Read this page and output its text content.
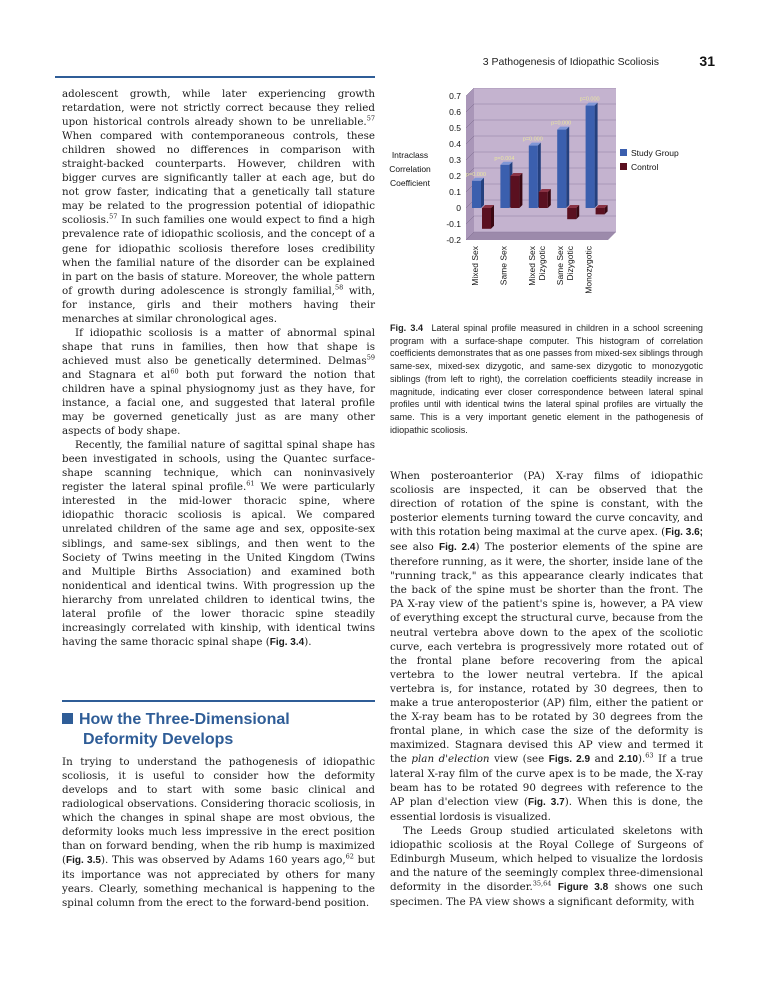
3 Pathogenesis of Idiopathic Scoliosis	31

adolescent growth, while later experiencing growth retardation, were not strictly correct because they relied upon historical controls already shown to be unreliable.$^{57}$ When compared with contemporaneous controls, these children showed no differences in comparison with straight-backed counterparts. However, children with bigger curves are significantly taller at each age, but do not grow faster, indicating that a genetically tall stature may be related to the progression potential of idiopathic scoliosis.$^{57}$ In such families one would expect to find a high prevalence rate of idiopathic scoliosis, and the concept of a gene for idiopathic scoliosis therefore loses credibility when the familial nature of the disorder can be explained in part on the basis of stature. Moreover, the whole pattern of growth during adolescence is strongly familial,$^{58}$ with, for instance, girls and their mothers having their menarches at similar chronological ages.

If idiopathic scoliosis is a matter of abnormal spinal shape that runs in families, then how that shape is achieved must also be genetically determined. Delmas$^{59}$ and Stagnara et $al^{60}$ both put forward the notion that children have a spinal physiognomy just as they have, for instance, a facial one, and suggested that lateral profile may be governed genetically just as are many other aspects of body shape.

Recently, the familial nature of sagittal spinal shape has been investigated in schools, using the Quantec surface-shape scanning technique, which can noninvasively register the lateral spinal profile.$^{61}$ We were particularly interested in the mid-lower thoracic spine, where idiopathic thoracic scoliosis is apical. We compared unrelated children of the same age and sex, opposite-sex siblings, and same-sex siblings, and then went to the Society of Twins meeting in the United Kingdom (Twins and Multiple Births Association) and examined both nonidentical and identical twins. With progression up the hierarchy from unrelated children to identical twins, the lateral profile of the lower thoracic spine steadily increasingly correlated with kinship, with identical twins having the same thoracic spinal shape (Fig. 3.4).

How the Three-Dimensional
Deformity Develops

In trying to understand the pathogenesis of idiopathic scoliosis, it is useful to consider how the deformity develops and to start with some basic clinical and radiological observations. Considering thoracic scoliosis, in which the changes in spinal shape are most obvious, the deformity looks much less impressive in the erect position than on forward bending, when the rib hump is maximized (Fig. 3.5). This was observed by Adams 160 years ago,$^{62}$ but its importance was not appreciated by others for many years. Clearly, something mechanical is happening to the spinal column from the erect to the forward-bend position.

0.7
0.6
0.5
0.4
0.3
0.2
0.1
0
-0.1
-0.2
Intraclass
Correlation
Coefficient
p=0.000
Mixed Sex
p=0.004
Same Sex
p=0.000
Mixed Sex Dizygotic
p=0.000
Same Sex Dizygotic
p=0.000
Monozygotic
Study Group
Control
Fig. 3.4 Lateral spinal profile measured in children in a school screening program with a surface-shape computer. This histogram of correlation coefficients demonstrates that as one passes from mixed-sex siblings through same-sex, mixed-sex dizygotic, and same-sex dizygotic to monozygotic siblings (from left to right), the correlation coefficients steadily increase in magnitude, indicating ever closer correspondence between lateral spinal profiles until with identical twins the lateral spinal profiles are virtually the same. This is a very important genetic element in the pathogenesis of idiopathic scoliosis.

When posteroanterior (PA) X-ray films of idiopathic scoliosis are inspected, it can be observed that the direction of rotation of the spine is constant, with the posterior elements turning toward the curve concavity, and with this rotation being maximal at the curve apex. (Fig. 3.6; see also Fig. 2.4) The posterior elements of the spine are therefore running, as it were, the shorter, inside lane of the "running track," as this appearance clearly indicates that the back of the spine must be shorter than the front. The PA X-ray view of the patient's spine is, however, a PA view of everything except the structural curve, because from the neutral vertebra above down to the apex of the scoliotic curve, each vertebra is progressively more rotated out of the frontal plane before recovering from the apical vertebra to the lower neutral vertebra. If the apical vertebra is, for instance, rotated by 30 degrees, then to make a true anteroposterior (AP) film, either the patient or the X-ray beam has to be rotated by 30 degrees from the frontal plane, in which case the size of the deformity is maximized. Stagnara devised this AP view and termed it the plan d'election view (see Figs. 2.9 and 2.10).$^{63}$ If a true lateral X-ray film of the curve apex is to be made, the X-ray beam has to be rotated 90 degrees with reference to the AP plan d'election view (Fig. 3.7). When this is done, the essential lordosis is visualized.

The Leeds Group studied articulated skeletons with idiopathic scoliosis at the Royal College of Surgeons of Edinburgh Museum, which helped to visualize the lordosis and the nature of the seemingly complex three-dimensional deformity in the disorder.$^{35,64}$ Figure 3.8 shows one such specimen. The PA view shows a significant deformity, with
